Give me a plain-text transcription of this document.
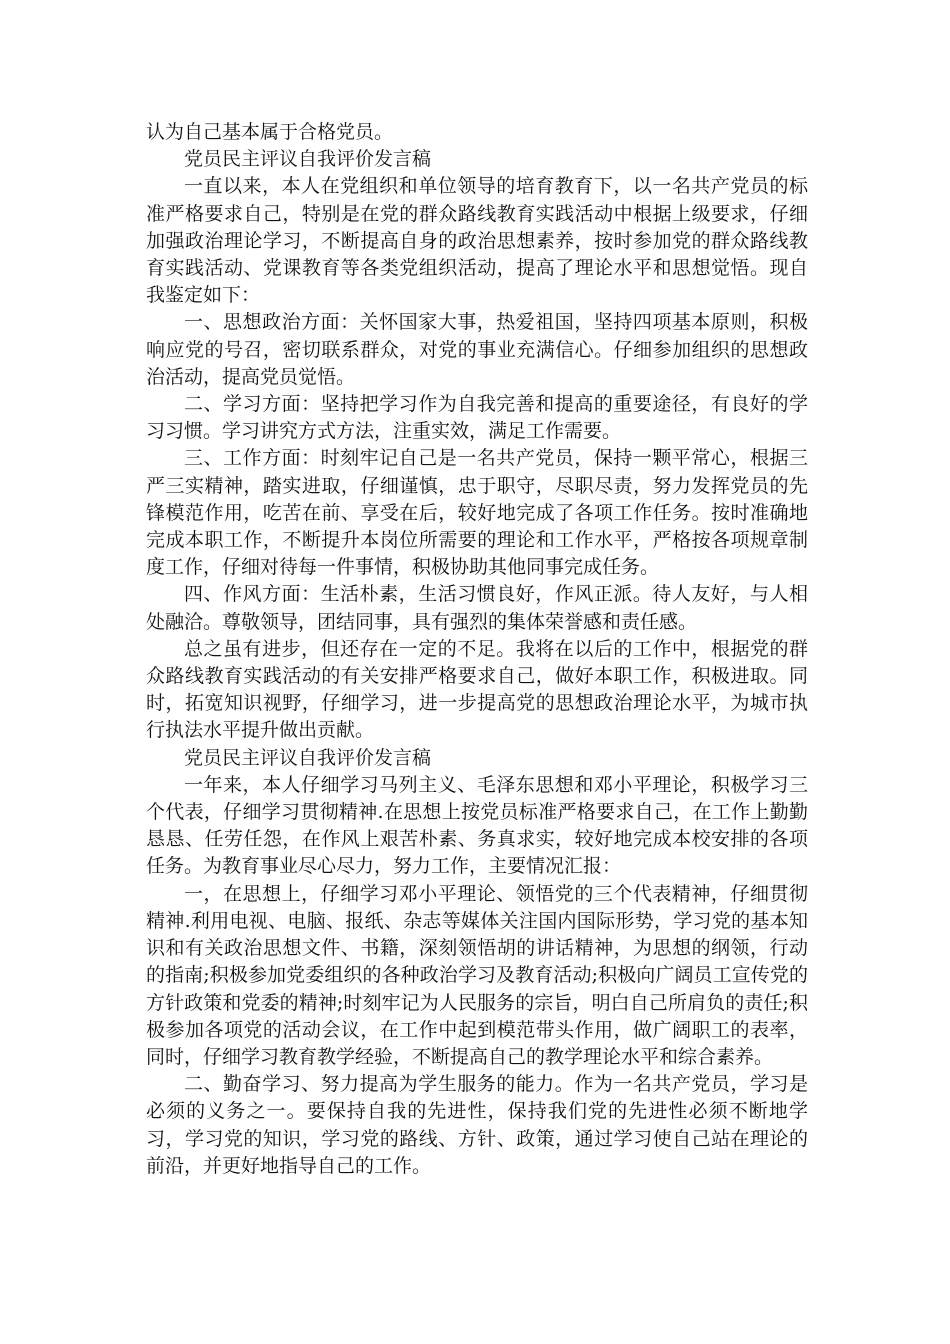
认为自己基本属于合格党员。

党员民主评议自我评价发言稿

一直以来，本人在党组织和单位领导的培育教育下，以一名共产党员的标准严格要求自己，特别是在党的群众路线教育实践活动中根据上级要求，仔细加强政治理论学习，不断提高自身的政治思想素养，按时参加党的群众路线教育实践活动、党课教育等各类党组织活动，提高了理论水平和思想觉悟。现自我鉴定如下：

一、思想政治方面：关怀国家大事，热爱祖国，坚持四项基本原则，积极响应党的号召，密切联系群众，对党的事业充满信心。仔细参加组织的思想政治活动，提高党员觉悟。

二、学习方面：坚持把学习作为自我完善和提高的重要途径，有良好的学习习惯。学习讲究方式方法，注重实效，满足工作需要。

三、工作方面：时刻牢记自己是一名共产党员，保持一颗平常心，根据三严三实精神，踏实进取，仔细谨慎，忠于职守，尽职尽责，努力发挥党员的先锋模范作用，吃苦在前、享受在后，较好地完成了各项工作任务。按时准确地完成本职工作，不断提升本岗位所需要的理论和工作水平，严格按各项规章制度工作，仔细对待每一件事情，积极协助其他同事完成任务。

四、作风方面：生活朴素，生活习惯良好，作风正派。待人友好，与人相处融洽。尊敬领导，团结同事，具有强烈的集体荣誉感和责任感。

总之虽有进步，但还存在一定的不足。我将在以后的工作中，根据党的群众路线教育实践活动的有关安排严格要求自己，做好本职工作，积极进取。同时，拓宽知识视野，仔细学习，进一步提高党的思想政治理论水平，为城市执行执法水平提升做出贡献。

党员民主评议自我评价发言稿

一年来，本人仔细学习马列主义、毛泽东思想和邓小平理论，积极学习三个代表，仔细学习贯彻精神.在思想上按党员标准严格要求自己，在工作上勤勤恳恳、任劳任怨，在作风上艰苦朴素、务真求实，较好地完成本校安排的各项任务。为教育事业尽心尽力，努力工作，主要情况汇报：

一，在思想上，仔细学习邓小平理论、领悟党的三个代表精神，仔细贯彻精神.利用电视、电脑、报纸、杂志等媒体关注国内国际形势，学习党的基本知识和有关政治思想文件、书籍，深刻领悟胡的讲话精神，为思想的纲领，行动的指南;积极参加党委组织的各种政治学习及教育活动;积极向广阔员工宣传党的方针政策和党委的精神;时刻牢记为人民服务的宗旨，明白自己所肩负的责任;积极参加各项党的活动会议，在工作中起到模范带头作用，做广阔职工的表率，同时，仔细学习教育教学经验，不断提高自己的教学理论水平和综合素养。

二、勤奋学习、努力提高为学生服务的能力。作为一名共产党员，学习是必须的义务之一。要保持自我的先进性，保持我们党的先进性必须不断地学习，学习党的知识，学习党的路线、方针、政策，通过学习使自己站在理论的前沿，并更好地指导自己的工作。
